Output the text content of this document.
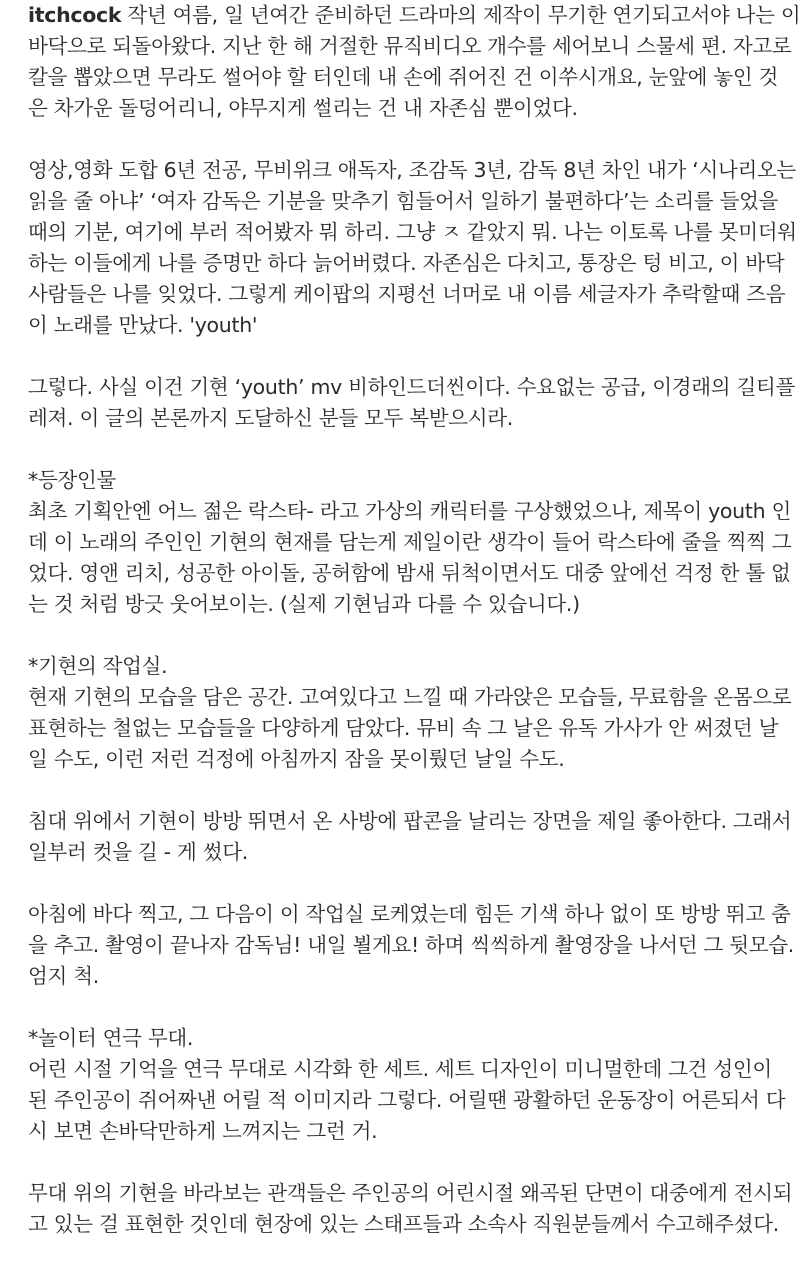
itchcock 작년 여름, 일 년여간 준비하던 드라마의 제작이 무기한 연기되고서야 나는 이
바닥으로 되돌아왔다. 지난 한 해 거절한 뮤직비디오 개수를 세어보니 스물세 편. 자고로
칼을 뽑았으면 무라도 썰어야 할 터인데 내 손에 쥐어진 건 이쑤시개요, 눈앞에 놓인 것
은 차가운 돌덩어리니, 야무지게 썰리는 건 내 자존심 뿐이었다.
영상,영화 도합 6년 전공, 무비위크 애독자, 조감독 3년, 감독 8년 차인 내가 ‘시나리오는
읽을 줄 아냐’ ‘여자 감독은 기분을 맞추기 힘들어서 일하기 불편하다’는 소리를 들었을
때의 기분, 여기에 부러 적어봤자 뭐 하리. 그냥 ㅈ 같았지 뭐. 나는 이토록 나를 못미더워
하는 이들에게 나를 증명만 하다 늙어버렸다. 자존심은 다치고, 통장은 텅 비고, 이 바닥
사람들은 나를 잊었다. 그렇게 케이팝의 지평선 너머로 내 이름 세글자가 추락할때 즈음
이 노래를 만났다. 'youth'
그렇다. 사실 이건 기현 ‘youth’ mv 비하인드더씬이다. 수요없는 공급, 이경래의 길티플
레져. 이 글의 본론까지 도달하신 분들 모두 복받으시라.
*등장인물
최초 기획안엔 어느 젊은 락스타- 라고 가상의 캐릭터를 구상했었으나, 제목이 youth 인
데 이 노래의 주인인 기현의 현재를 담는게 제일이란 생각이 들어 락스타에 줄을 찍찍 그
었다. 영앤 리치, 성공한 아이돌, 공허함에 밤새 뒤척이면서도 대중 앞에선 걱정 한 톨 없
는 것 처럼 방긋 웃어보이는. (실제 기현님과 다를 수 있습니다.)
*기현의 작업실.
현재 기현의 모습을 담은 공간. 고여있다고 느낄 때 가라앉은 모습들, 무료함을 온몸으로
표현하는 철없는 모습들을 다양하게 담았다. 뮤비 속 그 날은 유독 가사가 안 써졌던 날
일 수도, 이런 저런 걱정에 아침까지 잠을 못이뤘던 날일 수도.
침대 위에서 기현이 방방 뛰면서 온 사방에 팝콘을 날리는 장면을 제일 좋아한다. 그래서
일부러 컷을 길 - 게 썼다.
아침에 바다 찍고, 그 다음이 이 작업실 로케였는데 힘든 기색 하나 없이 또 방방 뛰고 춤
을 추고. 촬영이 끝나자 감독님! 내일 뵐게요! 하며 씩씩하게 촬영장을 나서던 그 뒷모습.
엄지 척.
*놀이터 연극 무대.
어린 시절 기억을 연극 무대로 시각화 한 세트. 세트 디자인이 미니멀한데 그건 성인이
된 주인공이 쥐어짜낸 어릴 적 이미지라 그렇다. 어릴땐 광활하던 운동장이 어른되서 다
시 보면 손바닥만하게 느껴지는 그런 거.
무대 위의 기현을 바라보는 관객들은 주인공의 어린시절 왜곡된 단면이 대중에게 전시되
고 있는 걸 표현한 것인데 현장에 있는 스태프들과 소속사 직원분들께서 수고해주셨다.
